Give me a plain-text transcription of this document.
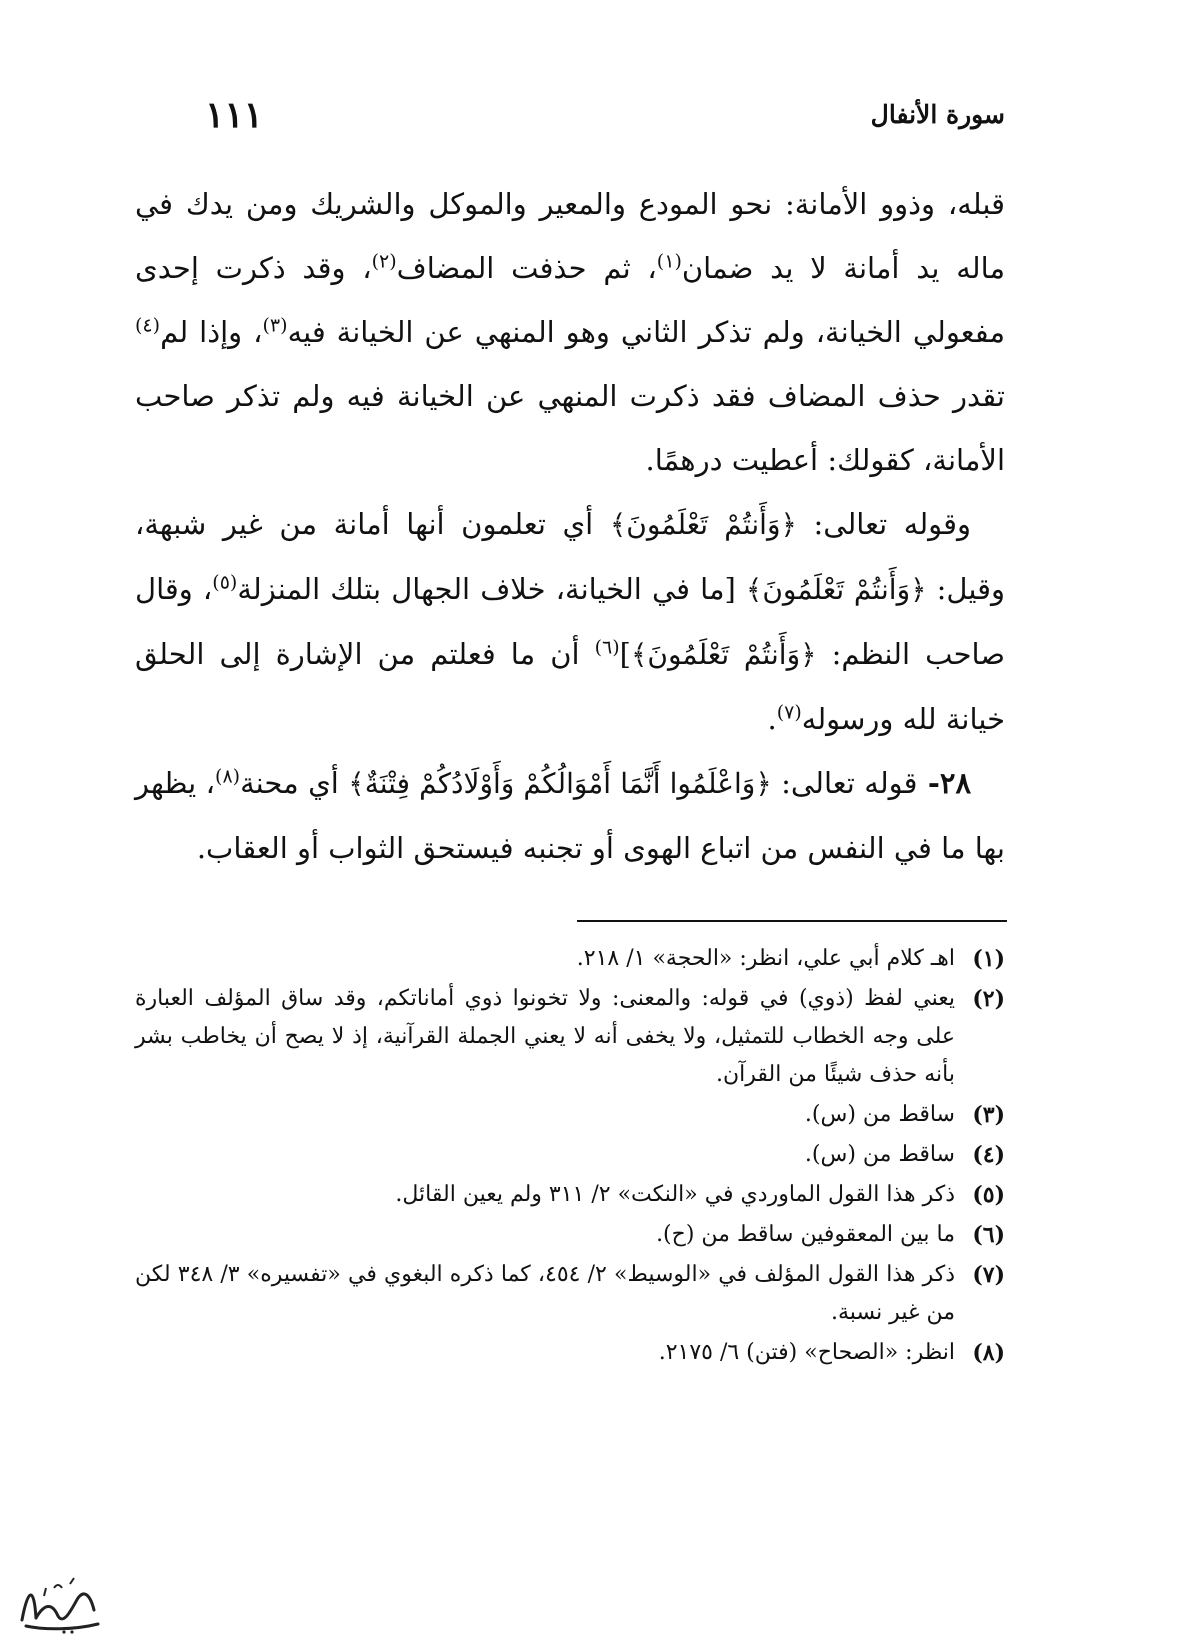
سورة الأنفال
١١١

قبله، وذوو الأمانة: نحو المودع والمعير والموكل والشريك ومن يدك في ماله يد أمانة لا يد ضمان$^{(١)}$، ثم حذفت المضاف$^{(٢)}$، وقد ذكرت إحدى مفعولي الخيانة، ولم تذكر الثاني وهو المنهي عن الخيانة فيه$^{(٣)}$، وإذا لم$^{(٤)}$ تقدر حذف المضاف فقد ذكرت المنهي عن الخيانة فيه ولم تذكر صاحب الأمانة، كقولك: أعطيت درهمًا.

وقوله تعالى: ﴿وَأَنتُمْ تَعْلَمُونَ﴾ أي تعلمون أنها أمانة من غير شبهة، وقيل: ﴿وَأَنتُمْ تَعْلَمُونَ﴾ [ما في الخيانة، خلاف الجهال بتلك المنزلة$^{(٥)}$، وقال صاحب النظم: ﴿وَأَنتُمْ تَعْلَمُونَ﴾]$^{(٦)}$ أن ما فعلتم من الإشارة إلى الحلق خيانة لله ورسوله$^{(٧)}$.

٢٨- قوله تعالى: ﴿وَاعْلَمُوا أَنَّمَا أَمْوَالُكُمْ وَأَوْلَادُكُمْ فِتْنَةٌ﴾ أي محنة$^{(٨)}$، يظهر بها ما في النفس من اتباع الهوى أو تجنبه فيستحق الثواب أو العقاب.

(١)
اهـ كلام أبي علي، انظر: «الحجة» ١/ ٢١٨.
(٢)
يعني لفظ (ذوي) في قوله: والمعنى: ولا تخونوا ذوي أماناتكم، وقد ساق المؤلف العبارة على وجه الخطاب للتمثيل، ولا يخفى أنه لا يعني الجملة القرآنية، إذ لا يصح أن يخاطب بشر بأنه حذف شيئًا من القرآن.
(٣)
ساقط من (س).
(٤)
ساقط من (س).
(٥)
ذكر هذا القول الماوردي في «النكت» ٢/ ٣١١ ولم يعين القائل.
(٦)
ما بين المعقوفين ساقط من (ح).
(٧)
ذكر هذا القول المؤلف في «الوسيط» ٢/ ٤٥٤، كما ذكره البغوي في «تفسيره» ٣/ ٣٤٨ لكن من غير نسبة.
(٨)
انظر: «الصحاح» (فتن) ٦/ ٢١٧٥.
